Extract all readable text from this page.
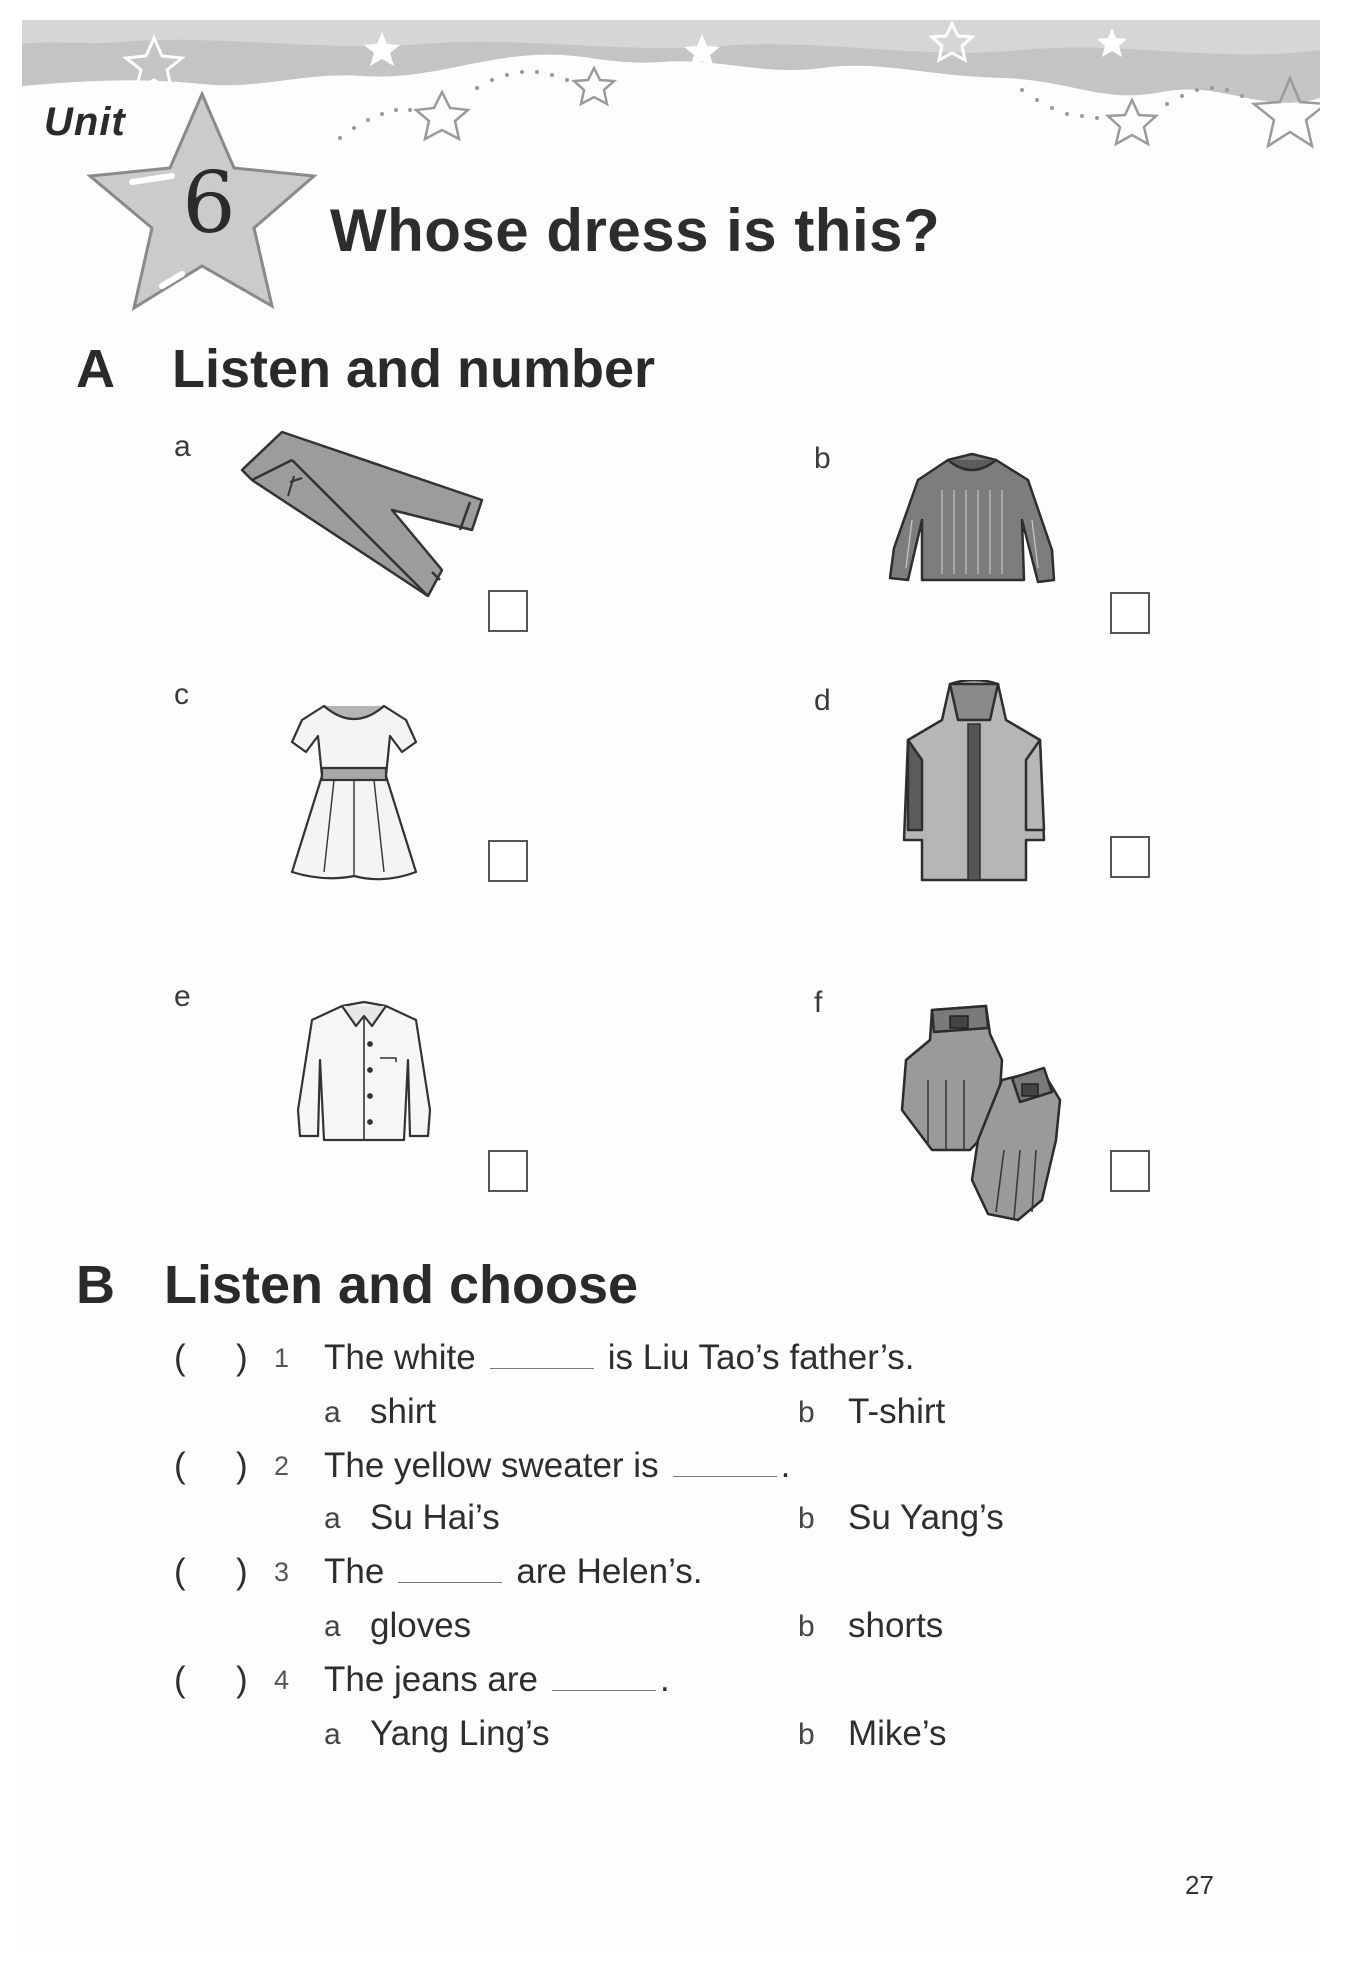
Unit
6	Whose dress is this?
A Listen and number
a	b
c	d
e	f
B Listen and choose
( ) 1 The white	is Liu Tao’s father’s.
a shirt	b T-shirt
( ) 2 The yellow sweater is	.
a Su Hai’s	b Su Yang’s
( ) 3 The	are Helen’s.
a gloves	b shorts
( ) 4 The jeans are	.
a Yang Ling’s	b Mike’s
27
